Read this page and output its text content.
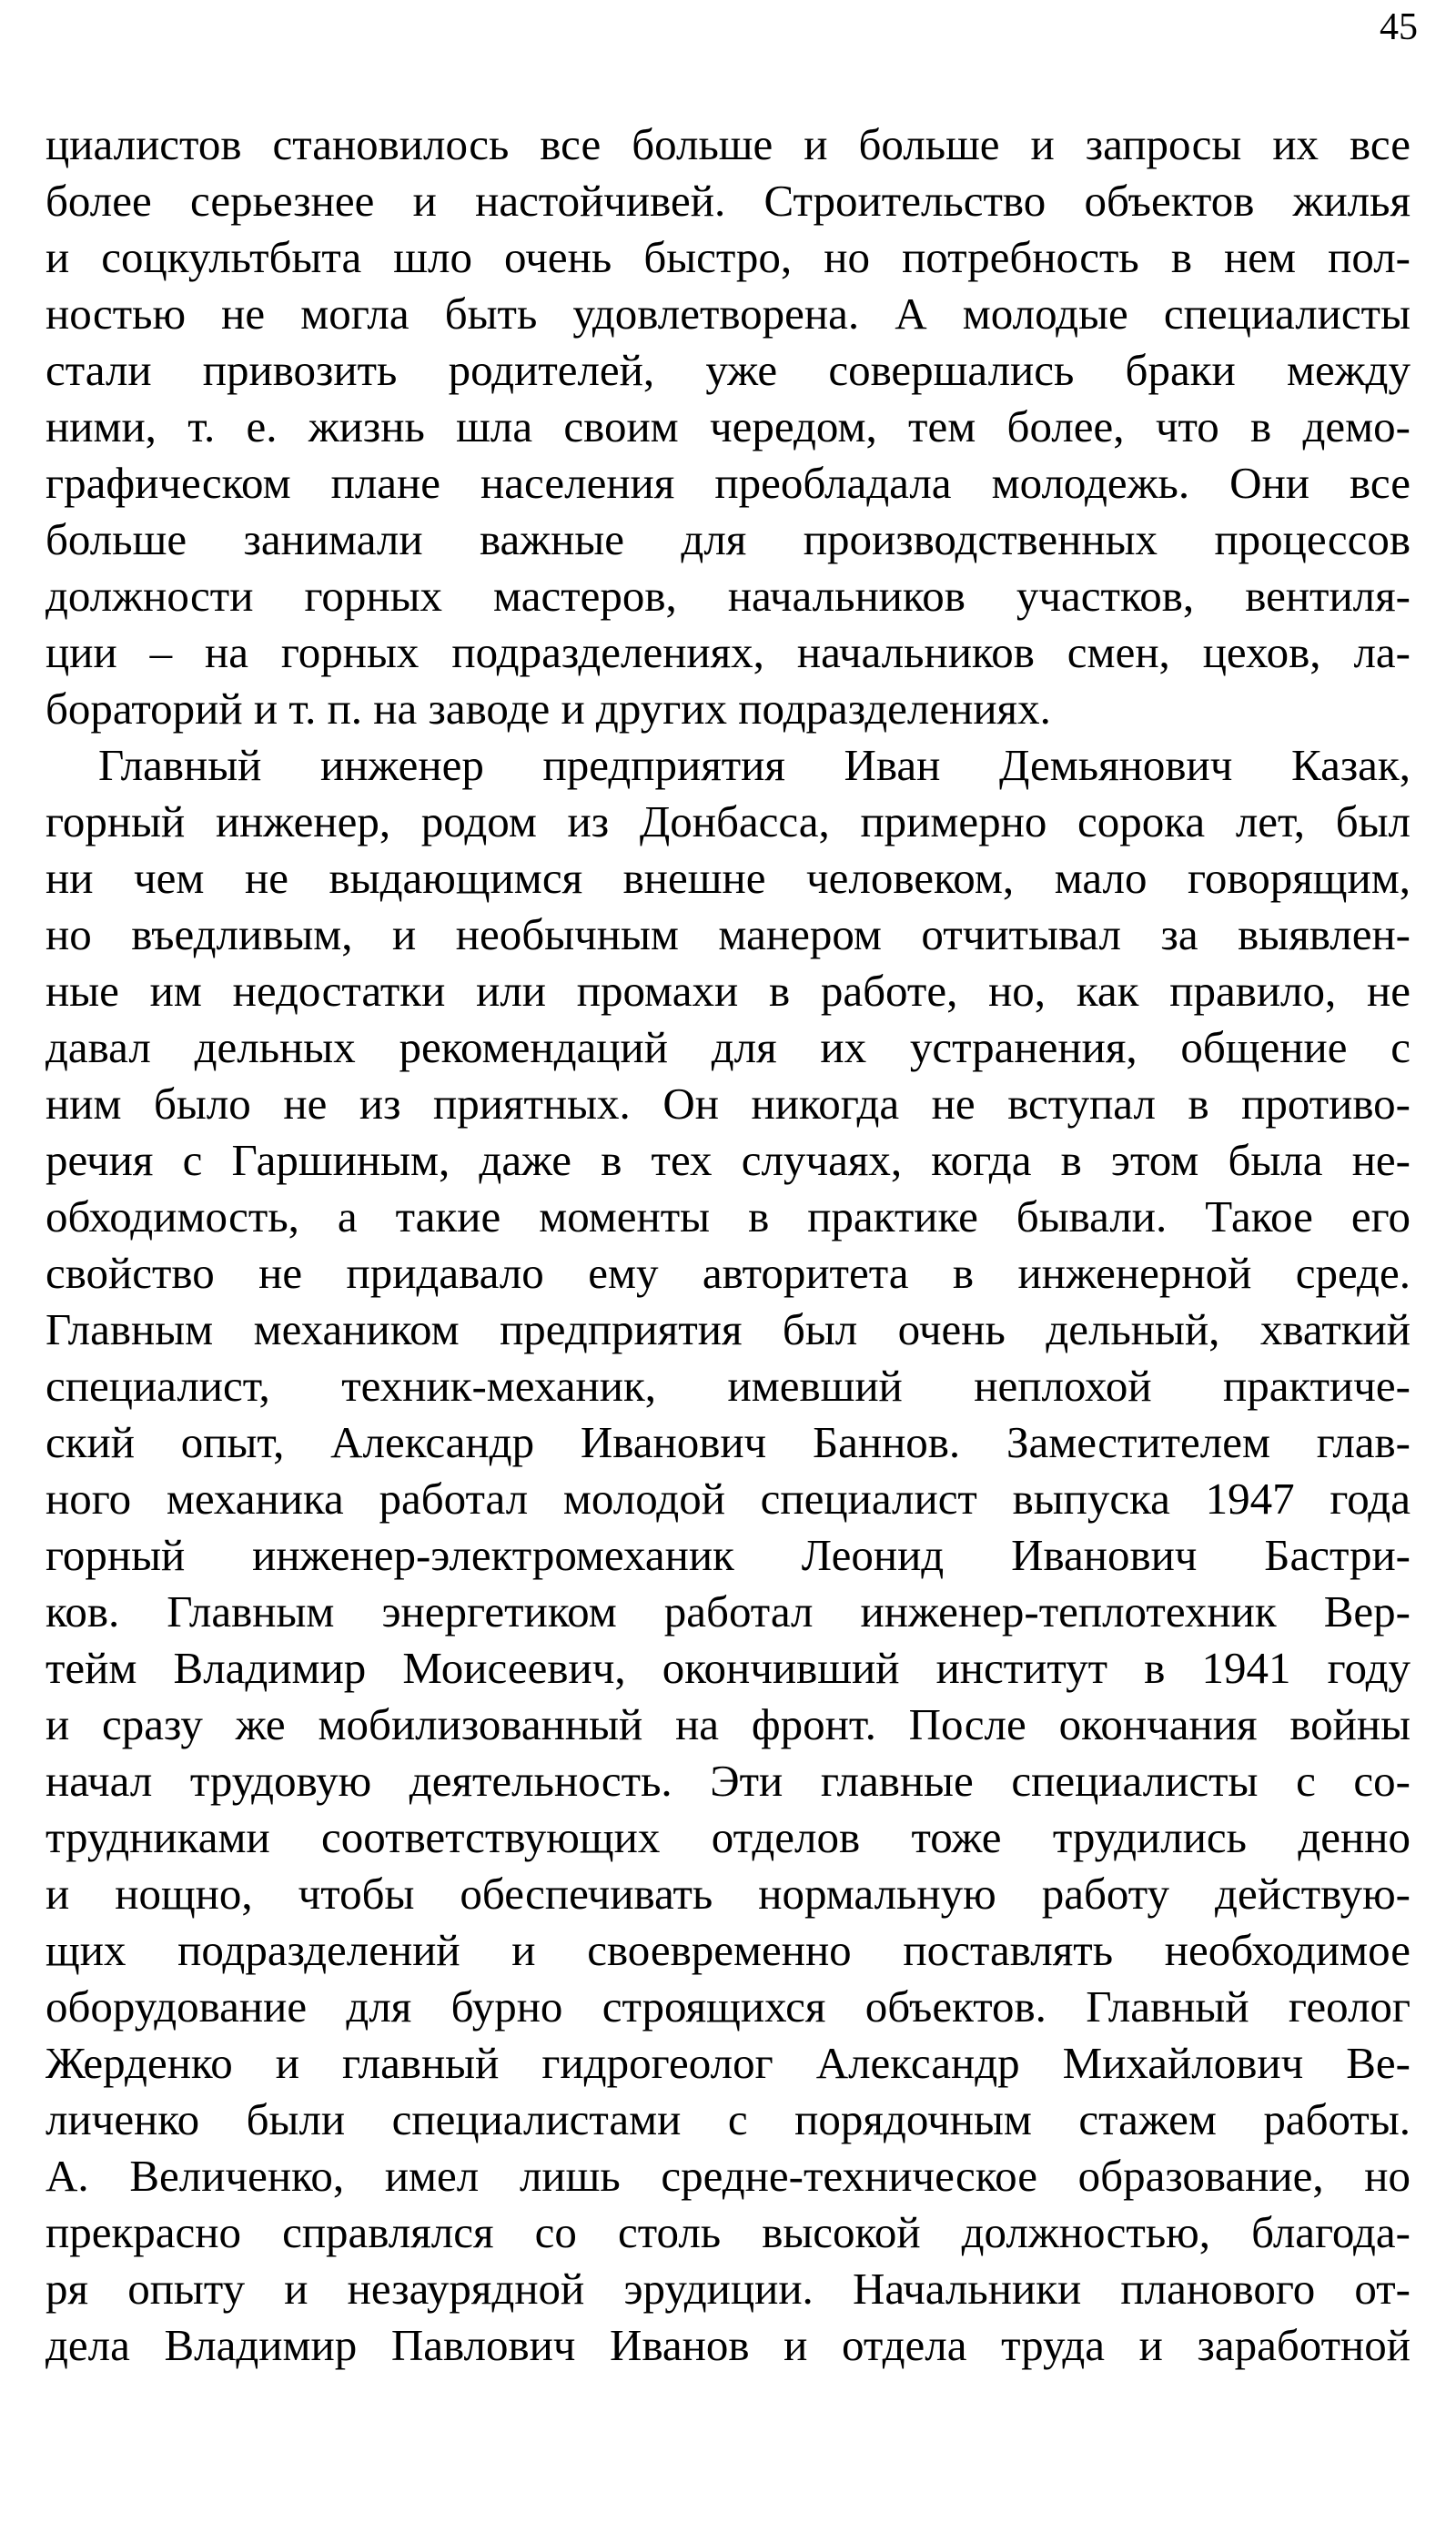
45
циалистов становилось все больше и больше и запросы их все
более серьезнее и настойчивей. Строительство объектов жилья
и соцкультбыта шло очень быстро, но потребность в нем пол-
ностью не могла быть удовлетворена. А молодые специалисты
стали привозить родителей, уже совершались браки между
ними, т. е. жизнь шла своим чередом, тем более, что в демо-
графическом плане населения преобладала молодежь. Они все
больше занимали важные для производственных процессов
должности горных мастеров, начальников участков, вентиля-
ции – на горных подразделениях, начальников смен, цехов, ла-
бораторий и т. п. на заводе и других подразделениях.
Главный инженер предприятия Иван Демьянович Казак,
горный инженер, родом из Донбасса, примерно сорока лет, был
ни чем не выдающимся внешне человеком, мало говорящим,
но въедливым, и необычным манером отчитывал за выявлен-
ные им недостатки или промахи в работе, но, как правило, не
давал дельных рекомендаций для их устранения, общение с
ним было не из приятных. Он никогда не вступал в противо-
речия с Гаршиным, даже в тех случаях, когда в этом была не-
обходимость, а такие моменты в практике бывали. Такое его
свойство не придавало ему авторитета в инженерной среде.
Главным механиком предприятия был очень дельный, хваткий
специалист, техник-механик, имевший неплохой практиче-
ский опыт, Александр Иванович Баннов. Заместителем глав-
ного механика работал молодой специалист выпуска 1947 года
горный инженер-электромеханик Леонид Иванович Бастри-
ков. Главным энергетиком работал инженер-теплотехник Вер-
тейм Владимир Моисеевич, окончивший институт в 1941 году
и сразу же мобилизованный на фронт. После окончания войны
начал трудовую деятельность. Эти главные специалисты с со-
трудниками соответствующих отделов тоже трудились денно
и нощно, чтобы обеспечивать нормальную работу действую-
щих подразделений и своевременно поставлять необходимое
оборудование для бурно строящихся объектов. Главный геолог
Жерденко и главный гидрогеолог Александр Михайлович Ве-
личенко были специалистами с порядочным стажем работы.
А. Величенко, имел лишь средне-техническое образование, но
прекрасно справлялся со столь высокой должностью, благода-
ря опыту и незаурядной эрудиции. Начальники планового от-
дела Владимир Павлович Иванов и отдела труда и заработной
